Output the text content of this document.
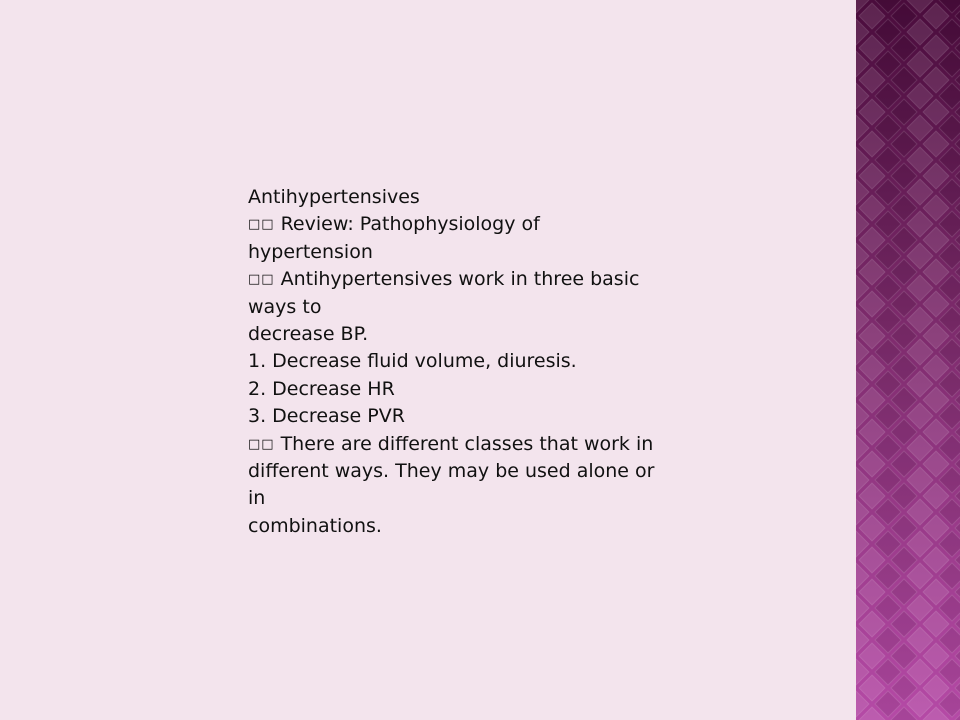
Antihypertensives
□□ Review: Pathophysiology of
hypertension
□□ Antihypertensives work in three basic
ways to
decrease BP.
1. Decrease fluid volume, diuresis.
2. Decrease HR
3. Decrease PVR
□□ There are different classes that work in
different ways. They may be used alone or
in
combinations.
